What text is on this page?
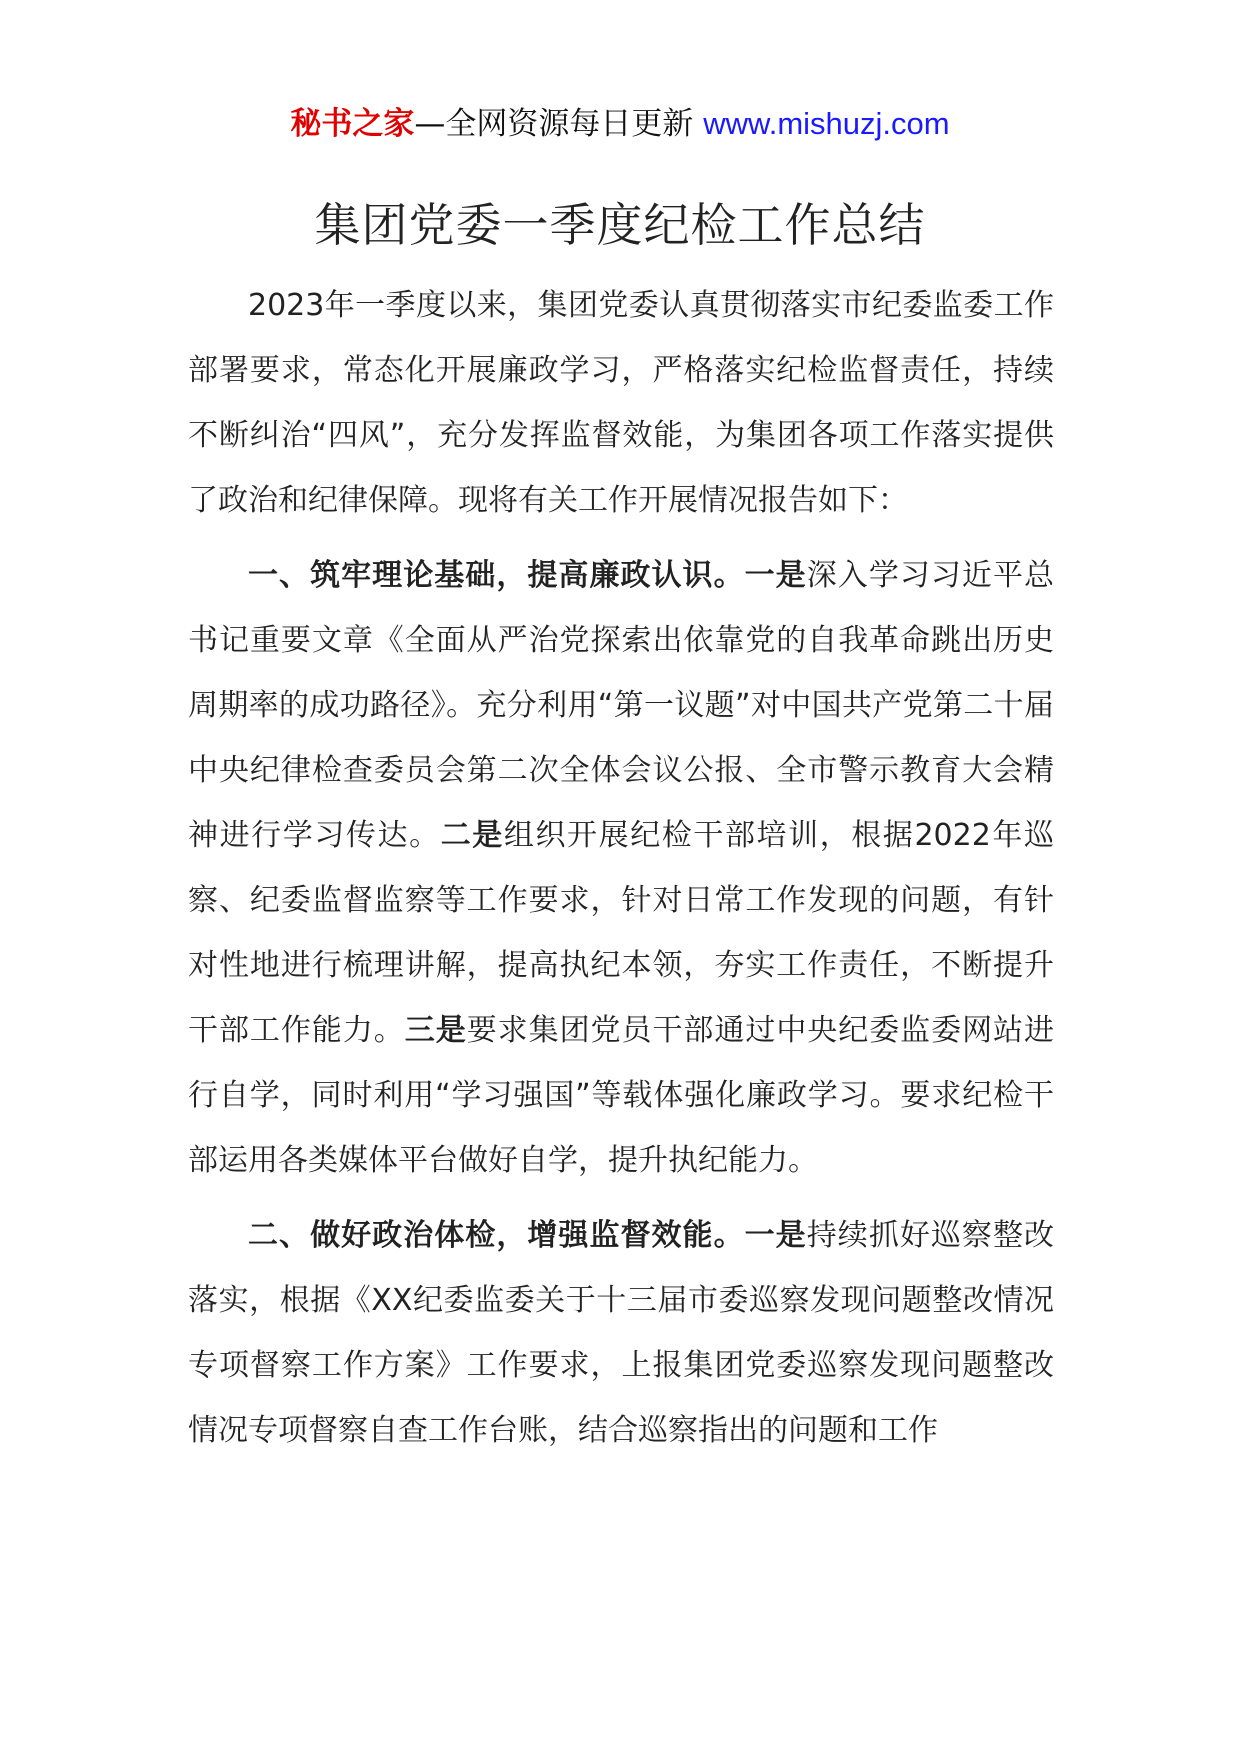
秘书之家—全网资源每日更新 www.mishuzj.com
集团党委一季度纪检工作总结

2023年一季度以来，集团党委认真贯彻落实市纪委监委工作部署要求，常态化开展廉政学习，严格落实纪检监督责任，持续不断纠治“四风”，充分发挥监督效能，为集团各项工作落实提供了政治和纪律保障。现将有关工作开展情况报告如下：

一、筑牢理论基础，提高廉政认识。一是深入学习习近平总书记重要文章《全面从严治党探索出依靠党的自我革命跳出历史周期率的成功路径》。充分利用“第一议题”对中国共产党第二十届中央纪律检查委员会第二次全体会议公报、全市警示教育大会精神进行学习传达。二是组织开展纪检干部培训，根据2022年巡察、纪委监督监察等工作要求，针对日常工作发现的问题，有针对性地进行梳理讲解，提高执纪本领，夯实工作责任，不断提升干部工作能力。三是要求集团党员干部通过中央纪委监委网站进行自学，同时利用“学习强国”等载体强化廉政学习。要求纪检干部运用各类媒体平台做好自学，提升执纪能力。

二、做好政治体检，增强监督效能。一是持续抓好巡察整改落实，根据《XX纪委监委关于十三届市委巡察发现问题整改情况专项督察工作方案》工作要求，上报集团党委巡察发现问题整改情况专项督察自查工作台账，结合巡察指出的问题和工作
